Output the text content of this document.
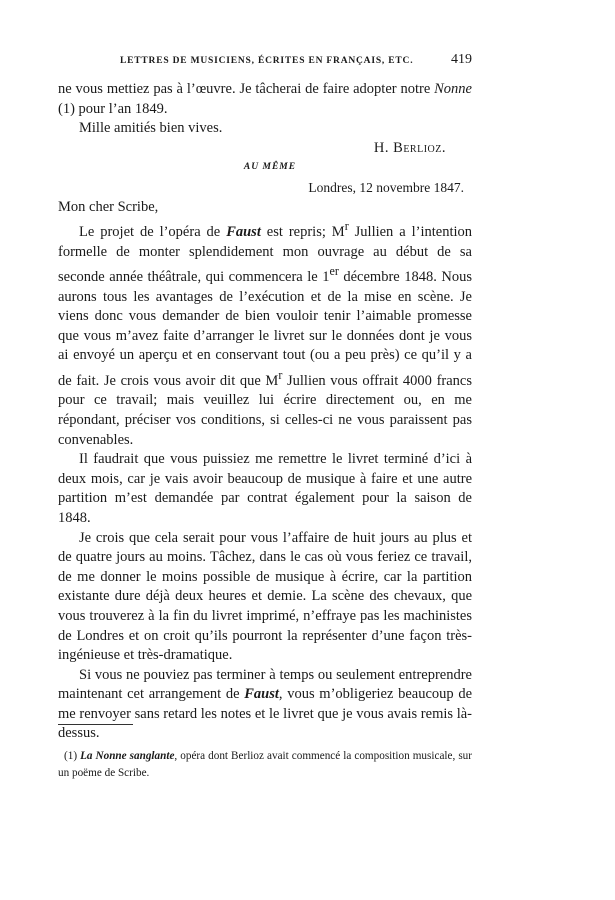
LETTRES DE MUSICIENS, ÉCRITES EN FRANÇAIS, ETC.	419

ne vous mettiez pas à l’œuvre. Je tâcherai de faire adopter notre Nonne (1) pour l’an 1849.

Mille amitiés bien vives.

H. Berlioz.

AU MÊME

Londres, 12 novembre 1847.

Mon cher Scribe,

Le projet de l’opéra de Faust est repris; $M^r$ Jullien a l’intention formelle de monter splendidement mon ouvrage au début de sa seconde année théâtrale, qui commencera le 1er décembre 1848. Nous aurons tous les avantages de l’exécution et de la mise en scène. Je viens donc vous demander de bien vouloir tenir l’aimable promesse que vous m’avez faite d’arranger le livret sur le données dont je vous ai envoyé un aperçu et en conservant tout (ou a peu près) ce qu’il y a de fait. Je crois vous avoir dit que $M^r$ Jullien vous offrait 4000 francs pour ce travail; mais veuillez lui écrire directement ou, en me répondant, préciser vos conditions, si celles-ci ne vous paraissent pas convenables.

Il faudrait que vous puissiez me remettre le livret terminé d’ici à deux mois, car je vais avoir beaucoup de musique à faire et une autre partition m’est demandée par contrat également pour la saison de 1848.

Je crois que cela serait pour vous l’affaire de huit jours au plus et de quatre jours au moins. Tâchez, dans le cas où vous feriez ce travail, de me donner le moins possible de musique à écrire, car la partition existante dure déjà deux heures et demie. La scène des chevaux, que vous trouverez à la fin du livret imprimé, n’effraye pas les machinistes de Londres et on croit qu’ils pourront la représenter d’une façon très-ingénieuse et très-dramatique.

Si vous ne pouviez pas terminer à temps ou seulement entreprendre maintenant cet arrangement de Faust, vous m’obligeriez beaucoup de me renvoyer sans retard les notes et le livret que je vous avais remis là-dessus.

(1) La Nonne sanglante, opéra dont Berlioz avait commencé la composition musicale, sur un poëme de Scribe.
